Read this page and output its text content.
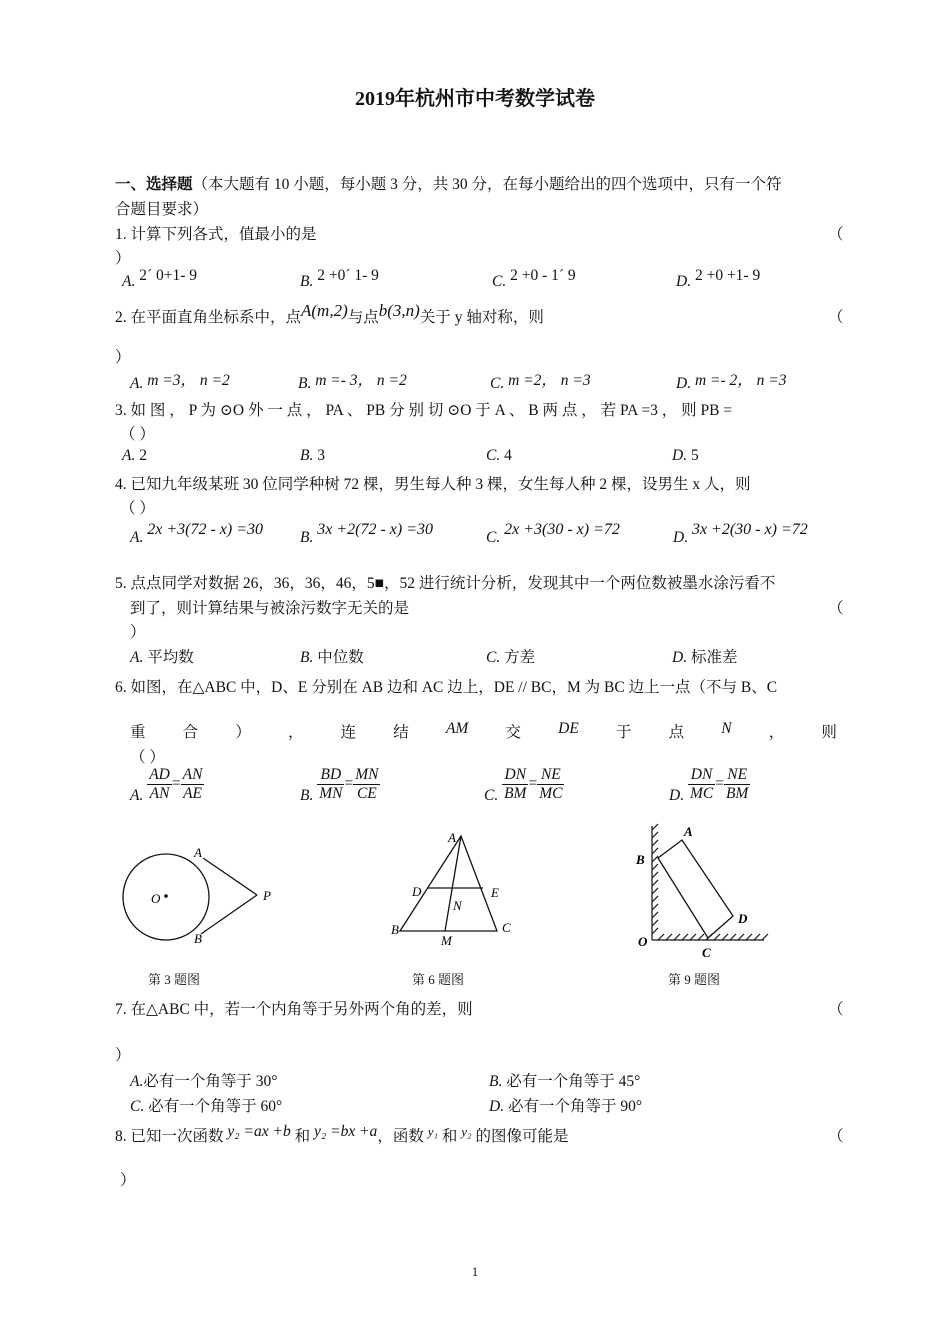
2019年杭州市中考数学试卷
一、选择题（本大题有 10 小题，每小题 3 分，共 30 分，在每小题给出的四个选项中，只有一个符
合题目要求）
1. 计算下列各式，值最小的是	（
）
A. 2´ 0+1- 9	B. 2 +0´ 1- 9	C. 2 +0 - 1´ 9	D. 2 +0 +1- 9
2. 在平面直角坐标系中，点A(m,2)与点b(3,n)关于 y 轴对称，则	（
）
A. m =3， n =2	B. m =- 3， n =2	C. m =2， n =3	D. m =- 2， n =3
3. 如 图 ， P 为 ⊙O 外 一 点 ， PA 、 PB 分 别 切 ⊙O 于 A 、 B 两 点 ， 若 PA =3 ， 则 PB =
（ ）
A. 2	B. 3	C. 4	D. 5
4. 已知九年级某班 30 位同学种树 72 棵，男生每人种 3 棵，女生每人种 2 棵，设男生 x 人，则
（ ）
A. 2x +3(72 - x) =30 B. 3x +2(72 - x) =30	C. 2x +3(30 - x) =72	D. 3x +2(30 - x) =72
5. 点点同学对数据 26，36，36，46，5■，52 进行统计分析，发现其中一个两位数被墨水涂污看不
到了，则计算结果与被涂污数字无关的是	（
）
A. 平均数	B. 中位数	C. 方差	D. 标准差
6. 如图，在△ABC 中，D、E 分别在 AB 边和 AC 边上，DE // BC，M 为 BC 边上一点（不与 B、C
重 合 ） ， 连 结 AM 交 DE 于 点 N ， 则
（ ）
A. $\frac{AD}{AN} = \frac{AN}{AE}$	B. $\frac{BD}{MN} = \frac{MN}{CE}$	C. $\frac{DN}{BM} = \frac{NE}{MC}$	D. $\frac{DN}{MC} = \frac{NE}{BM}$
A
B
O	P
第 3 题图
A
D	E
N
B	C
M
第 6 题图
A
B
D
C
O
第 9 题图
7. 在△ABC 中，若一个内角等于另外两个角的差，则	（
）
A.必有一个角等于 30°	B. 必有一个角等于 45°
C. 必有一个角等于 60°	D. 必有一个角等于 90°
8. 已知一次函数 y₂ =ax +b 和 y₂ =bx +a，函数 $^{y_1}$ 和 $^{y_2}$ 的图像可能是	（
）
1
